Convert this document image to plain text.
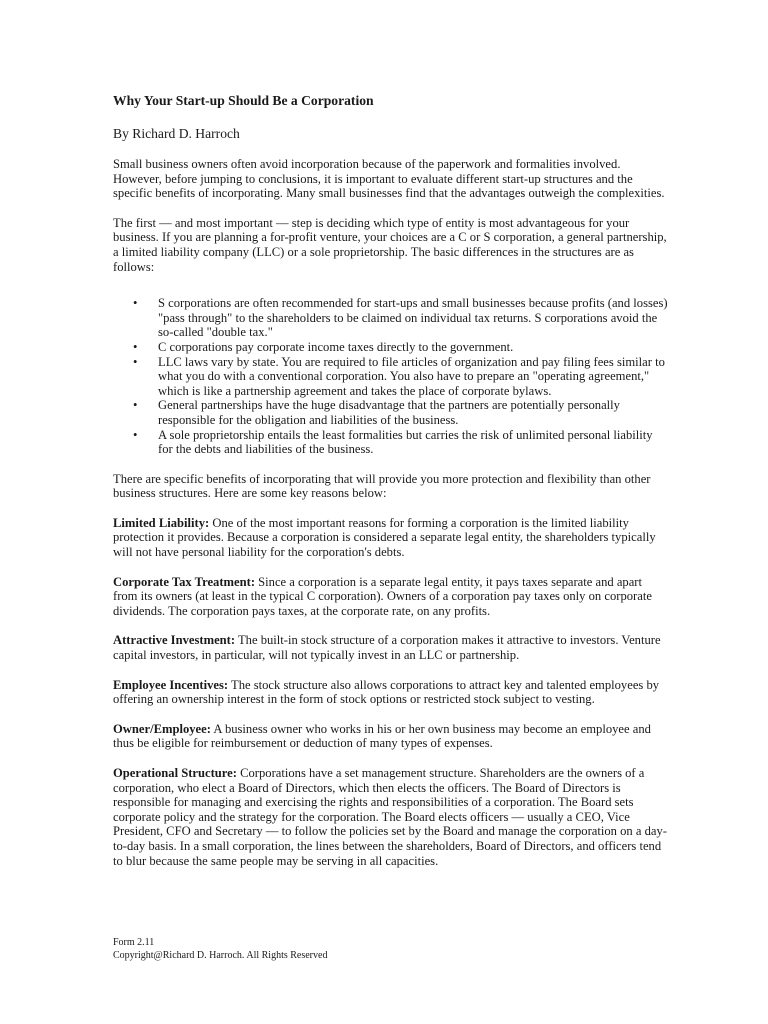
Why Your Start-up Should Be a Corporation
By Richard D. Harroch

Small business owners often avoid incorporation because of the paperwork and formalities involved. However, before jumping to conclusions, it is important to evaluate different start-up structures and the specific benefits of incorporating. Many small businesses find that the advantages outweigh the complexities.

The first — and most important — step is deciding which type of entity is most advantageous for your business. If you are planning a for-profit venture, your choices are a C or S corporation, a general partnership, a limited liability company (LLC) or a sole proprietorship. The basic differences in the structures are as follows:

• S corporations are often recommended for start-ups and small businesses because profits (and losses) "pass through" to the shareholders to be claimed on individual tax returns. S corporations avoid the so-called "double tax."
• C corporations pay corporate income taxes directly to the government.
• LLC laws vary by state. You are required to file articles of organization and pay filing fees similar to what you do with a conventional corporation. You also have to prepare an "operating agreement," which is like a partnership agreement and takes the place of corporate bylaws.
• General partnerships have the huge disadvantage that the partners are potentially personally responsible for the obligation and liabilities of the business.
• A sole proprietorship entails the least formalities but carries the risk of unlimited personal liability for the debts and liabilities of the business.

There are specific benefits of incorporating that will provide you more protection and flexibility than other business structures. Here are some key reasons below:

Limited Liability: One of the most important reasons for forming a corporation is the limited liability protection it provides. Because a corporation is considered a separate legal entity, the shareholders typically will not have personal liability for the corporation's debts.

Corporate Tax Treatment: Since a corporation is a separate legal entity, it pays taxes separate and apart from its owners (at least in the typical C corporation). Owners of a corporation pay taxes only on corporate dividends. The corporation pays taxes, at the corporate rate, on any profits.

Attractive Investment: The built-in stock structure of a corporation makes it attractive to investors. Venture capital investors, in particular, will not typically invest in an LLC or partnership.

Employee Incentives: The stock structure also allows corporations to attract key and talented employees by offering an ownership interest in the form of stock options or restricted stock subject to vesting.

Owner/Employee: A business owner who works in his or her own business may become an employee and thus be eligible for reimbursement or deduction of many types of expenses.

Operational Structure: Corporations have a set management structure. Shareholders are the owners of a corporation, who elect a Board of Directors, which then elects the officers. The Board of Directors is responsible for managing and exercising the rights and responsibilities of a corporation. The Board sets corporate policy and the strategy for the corporation. The Board elects officers — usually a CEO, Vice President, CFO and Secretary — to follow the policies set by the Board and manage the corporation on a day-to-day basis. In a small corporation, the lines between the shareholders, Board of Directors, and officers tend to blur because the same people may be serving in all capacities.

Form 2.11
Copyright@Richard D. Harroch. All Rights Reserved
